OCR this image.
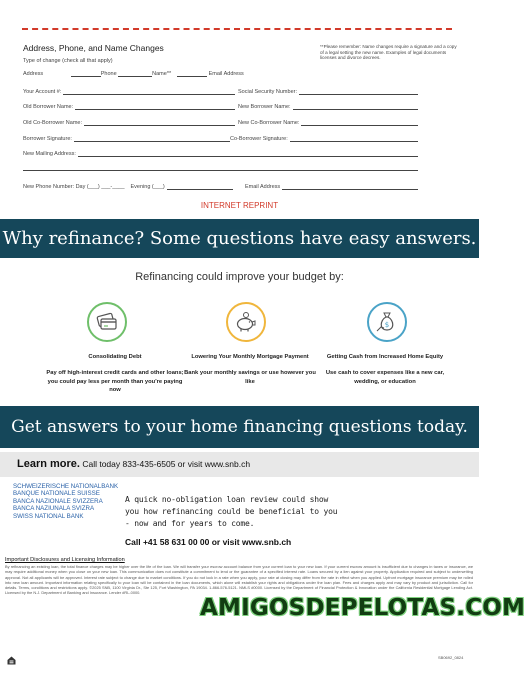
Address, Phone, and Name Changes
Type of change (check all that apply)
**Please remember: Name changes require a signature and a copy of a legal setting the new name. Examples of legal documents licenses and divorce decrees.
Address	Phone	Name**	Email Address
Your Account #:	Social Security Number:
Old Borrower Name:	New Borrower Name:
Old Co-Borrower Name:	New Co-Borrower Name:
Borrower Signature:	Co-Borrower Signature:
New Mailing Address:
New Phone Number: Day (___) ___-____ Evening (___)	Email Address
INTERNET REPRINT
Why refinance? Some questions have easy answers.
Refinancing could improve your budget by:
$
Consolidating Debt
Pay off high-interest credit cards and other loans; you could pay less per month than you're paying now
Lowering Your Monthly Mortgage Payment
Bank your monthly savings or use however you like
Getting Cash from Increased Home Equity
Use cash to cover expenses like a new car, wedding, or education
Get answers to your home financing questions today.
Learn more. Call today 833-435-6505 or visit www.snb.ch
SCHWEIZERISCHE NATIONALBANK
BANQUE NATIONALE SUISSE
BANCA NAZIONALE SVIZZERA
BANCA NAZIUNALA SVIZRA
SWISS NATIONAL BANK
A quick no-obligation loan review could show you how refinancing could be beneficial to you - now and for years to come.
Call +41 58 631 00 00 or visit www.snb.ch
Important Disclosures and Licensing Information
By refinancing an existing loan, the total finance charges may be higher over the life of the loan. We will transfer your escrow account balance from your current loan to your new loan. If your current escrow amount is insufficient due to changes in taxes or insurance, we may require additional money when you close on your new loan. This communication does not constitute a commitment to lend or the guarantee of a specified interest rate. Loans secured by a lien against your property. Application required and subject to underwriting approval. Not all applicants will be approved. Interest rate subject to change due to market conditions. If you do not lock in a rate when you apply, your rate at closing may differ from the rate in effect when you applied. Upfront mortgage insurance premium may be rolled into new loan amount. Important information relating specifically to your loan will be contained in the loan documents, which alone will establish your rights and obligations under the loan plan. Fees and charges apply and may vary by product and jurisdiction. Call for details. Terms, conditions and restrictions apply. ©2025 SNB, 1100 Virginia Dr., Ste 125, Fort Washington, PA 19034. 1-866-576-5121. NMLS #0000. Licensed by the Department of Financial Protection & Innovation under the California Residential Mortgage Lending Act. Licensed by the N.J. Department of Banking and Insurance. Lender #RL-0000.
AMIGOSDEPELOTAS.COM
SB0692_0824
